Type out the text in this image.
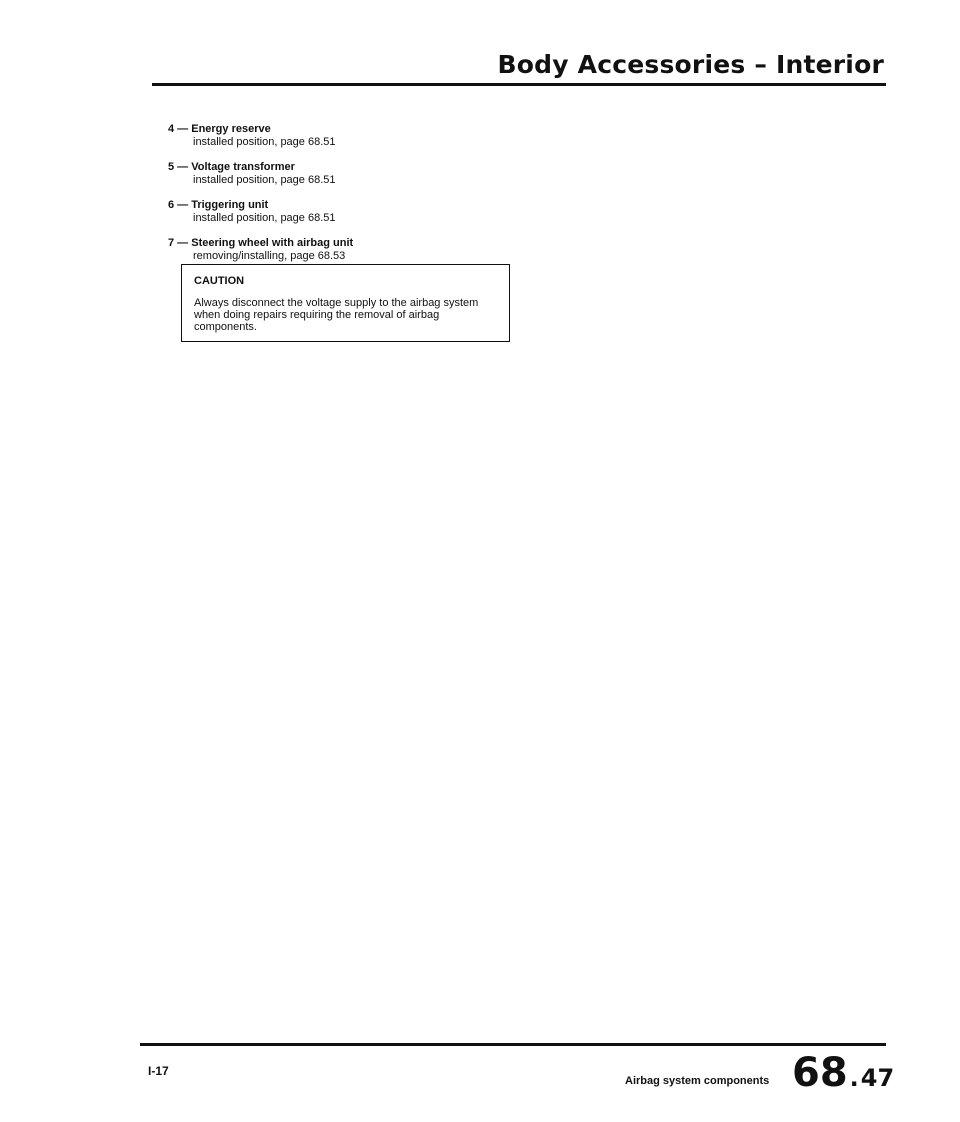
Body Accessories – Interior
4 — Energy reserve
installed position, page 68.51
5 — Voltage transformer
installed position, page 68.51
6 — Triggering unit
installed position, page 68.51
7 — Steering wheel with airbag unit
removing/installing, page 68.53
CAUTION
Always disconnect the voltage supply to the airbag system when doing repairs requiring the removal of airbag components.
I-17
Airbag system components 68.47
